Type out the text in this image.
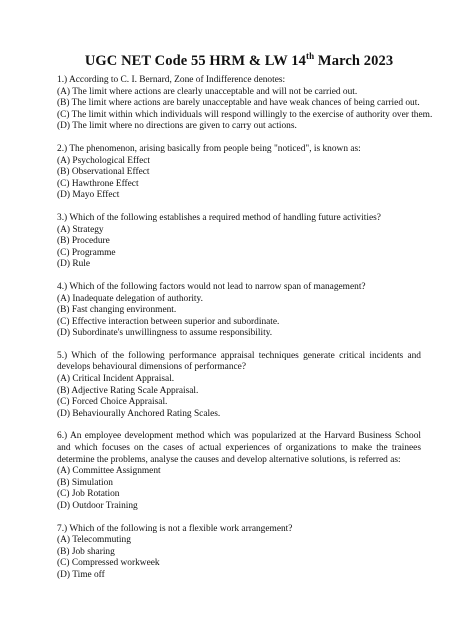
UGC NET Code 55 HRM & LW 14th March 2023

1.) According to C. I. Bernard, Zone of Indifference denotes:

(A) The limit where actions are clearly unacceptable and will not be carried out.

(B) The limit where actions are barely unacceptable and have weak chances of being carried out.

(C) The limit within which individuals will respond willingly to the exercise of authority over them.

(D) The limit where no directions are given to carry out actions.

2.) The phenomenon, arising basically from people being "noticed", is known as:

(A) Psychological Effect

(B) Observational Effect

(C) Hawthrone Effect

(D) Mayo Effect

3.) Which of the following establishes a required method of handling future activities?

(A) Strategy

(B) Procedure

(C) Programme

(D) Rule

4.) Which of the following factors would not lead to narrow span of management?

(A) Inadequate delegation of authority.

(B) Fast changing environment.

(C) Effective interaction between superior and subordinate.

(D) Subordinate's unwillingness to assume responsibility.

5.) Which of the following performance appraisal techniques generate critical incidents and develops behavioural dimensions of performance?

(A) Critical Incident Appraisal.

(B) Adjective Rating Scale Appraisal.

(C) Forced Choice Appraisal.

(D) Behaviourally Anchored Rating Scales.

6.) An employee development method which was popularized at the Harvard Business School and which focuses on the cases of actual experiences of organizations to make the trainees determine the problems, analyse the causes and develop alternative solutions, is referred as:

(A) Committee Assignment

(B) Simulation

(C) Job Rotation

(D) Outdoor Training

7.) Which of the following is not a flexible work arrangement?

(A) Telecommuting

(B) Job sharing

(C) Compressed workweek

(D) Time off
